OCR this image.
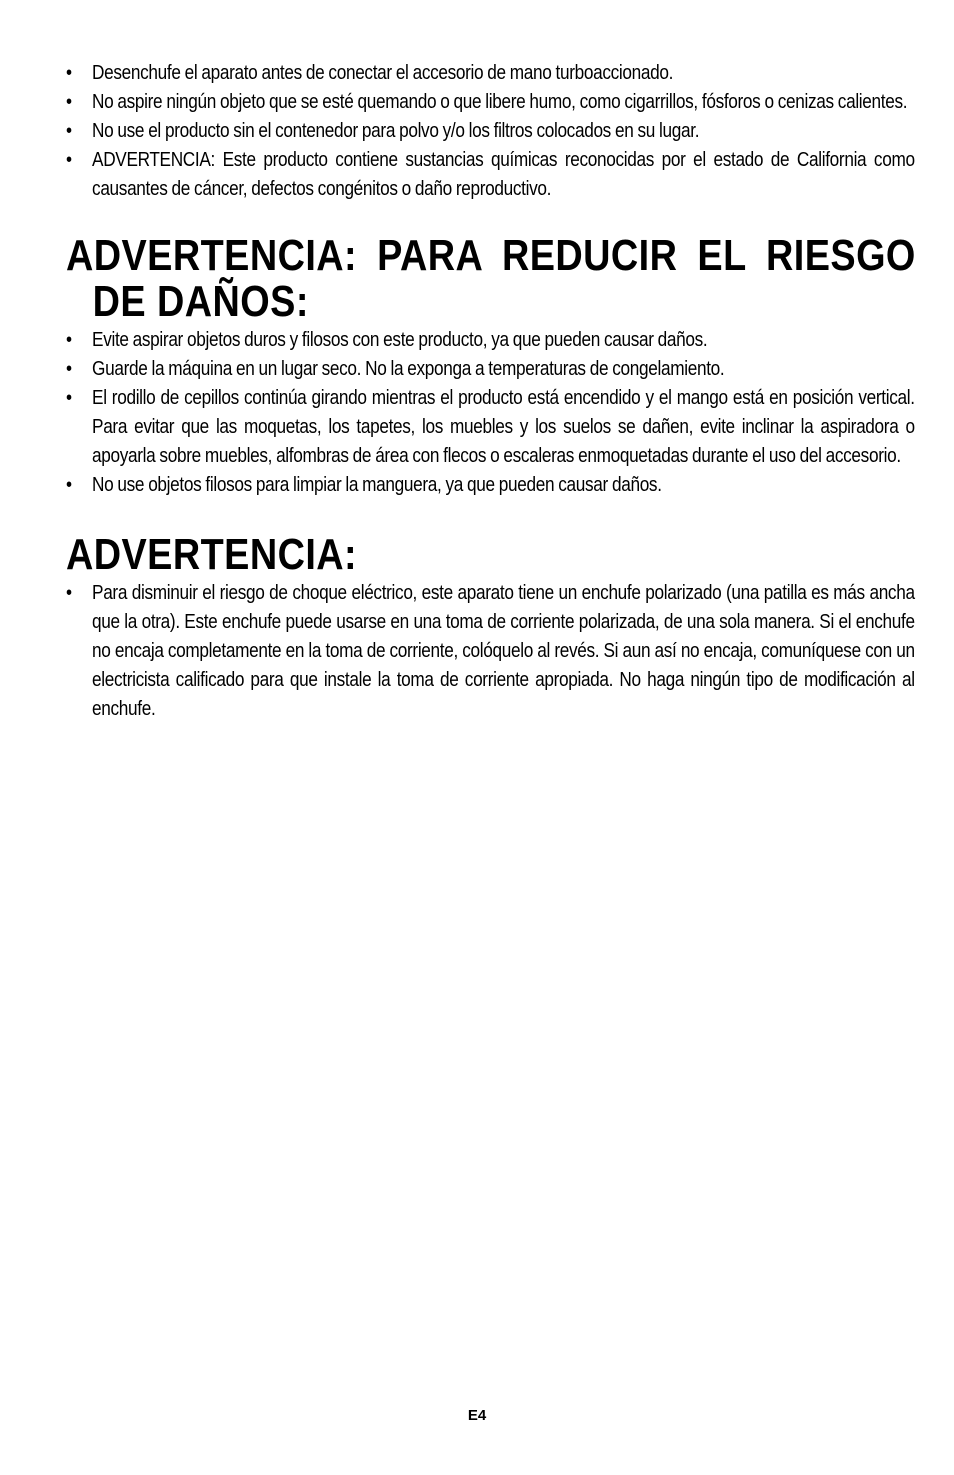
• Desenchufe el aparato antes de conectar el accesorio de mano turboaccionado.
• No aspire ningún objeto que se esté quemando o que libere humo, como cigarrillos, fósforos o cenizas calientes.
• No use el producto sin el contenedor para polvo y/o los filtros colocados en su lugar.
• ADVERTENCIA: Este producto contiene sustancias químicas reconocidas por el estado de California como causantes de cáncer, defectos congénitos o daño reproductivo.
ADVERTENCIA: PARA REDUCIR EL RIESGO DE DAÑOS:
• Evite aspirar objetos duros y filosos con este producto, ya que pueden causar daños.
• Guarde la máquina en un lugar seco. No la exponga a temperaturas de congelamiento.
• El rodillo de cepillos continúa girando mientras el producto está encendido y el mango está en posición vertical. Para evitar que las moquetas, los tapetes, los muebles y los suelos se dañen, evite inclinar la aspiradora o apoyarla sobre muebles, alfombras de área con flecos o escaleras enmoquetadas durante el uso del accesorio.
• No use objetos filosos para limpiar la manguera, ya que pueden causar daños.
ADVERTENCIA:
• Para disminuir el riesgo de choque eléctrico, este aparato tiene un enchufe polarizado (una patilla es más ancha que la otra). Este enchufe puede usarse en una toma de corriente polarizada, de una sola manera. Si el enchufe no encaja completamente en la toma de corriente, colóquelo al revés. Si aun así no encaja, comuníquese con un electricista calificado para que instale la toma de corriente apropiada. No haga ningún tipo de modificación al enchufe.
E4
